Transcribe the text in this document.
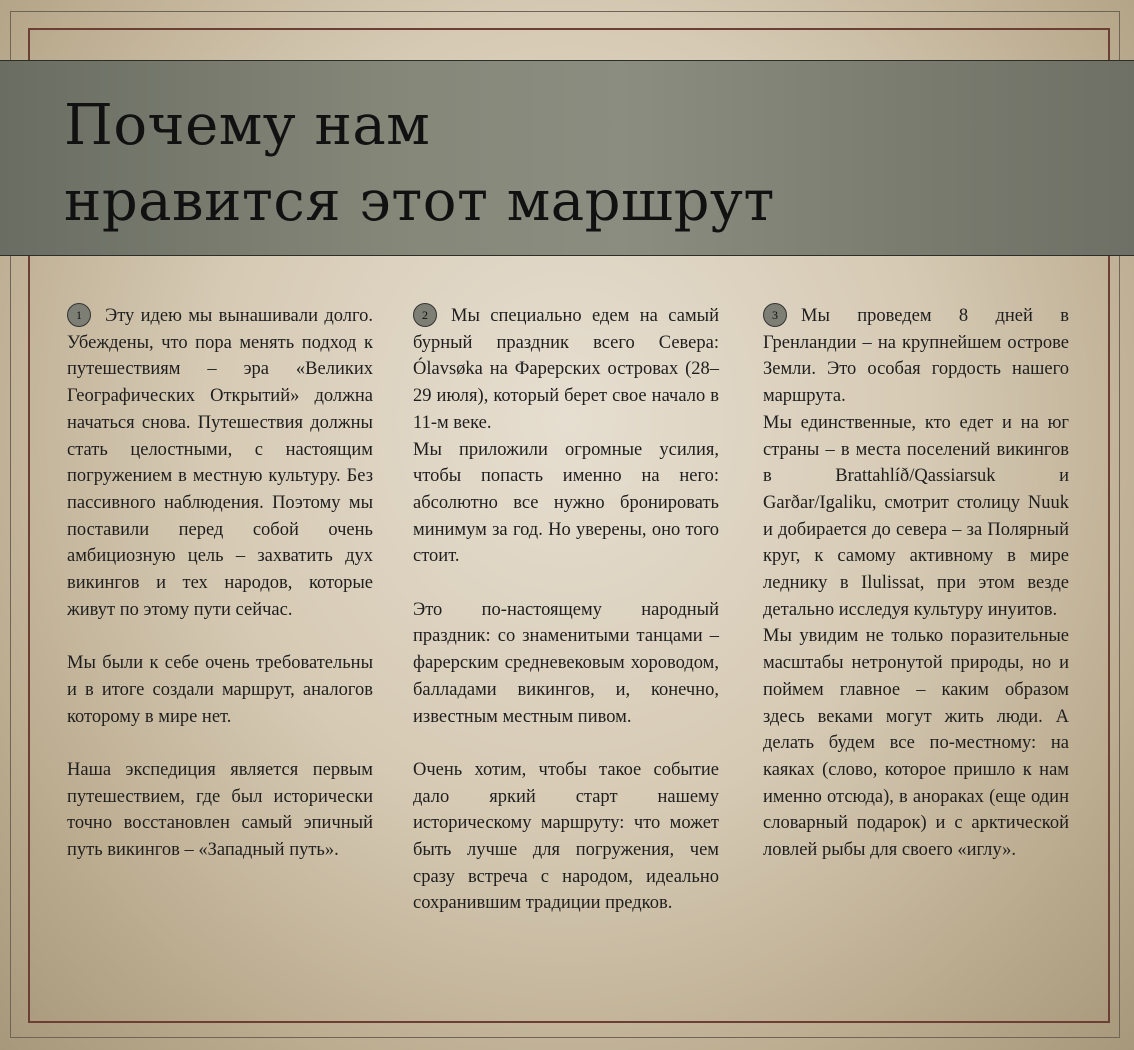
Почему нам
нравится этот маршрут

1 Эту идею мы вынашивали долго. Убеждены, что пора менять подход к путешествиям – эра «Великих Географических Открытий» должна начаться снова. Путешествия должны стать целостными, с настоящим погружением в местную культуру. Без пассивного наблюдения. Поэтому мы поставили перед собой очень амбициозную цель – захватить дух викингов и тех народов, которые живут по этому пути сейчас.

Мы были к себе очень требовательны и в итоге создали маршрут, аналогов которому в мире нет.

Наша экспедиция является первым путешествием, где был исторически точно восстановлен самый эпичный путь викингов – «Западный путь».

2 Мы специально едем на самый бурный праздник всего Севера: Ólavsøka на Фарерских островах (28–29 июля), который берет свое начало в 11-м веке.

Мы приложили огромные усилия, чтобы попасть именно на него: абсолютно все нужно бронировать минимум за год. Но уверены, оно того стоит.

Это по-настоящему народный праздник: со знаменитыми танцами – фарерским средневековым хороводом, балладами викингов, и, конечно, известным местным пивом.

Очень хотим, чтобы такое событие дало яркий старт нашему историческому маршруту: что может быть лучше для погружения, чем сразу встреча с народом, идеально сохранившим традиции предков.

3 Мы проведем 8 дней в Гренландии – на крупнейшем острове Земли. Это особая гордость нашего маршрута.

Мы единственные, кто едет и на юг страны – в места поселений викингов в Brattahlíð/Qassiarsuk и Garðar/Igaliku, смотрит столицу Nuuk и добирается до севера – за Полярный круг, к самому активному в мире леднику в Ilulissat, при этом везде детально исследуя культуру инуитов.

Мы увидим не только поразительные масштабы нетронутой природы, но и поймем главное – каким образом здесь веками могут жить люди. А делать будем все по-местному: на каяках (слово, которое пришло к нам именно отсюда), в анораках (еще один словарный подарок) и с арктической ловлей рыбы для своего «иглу».
